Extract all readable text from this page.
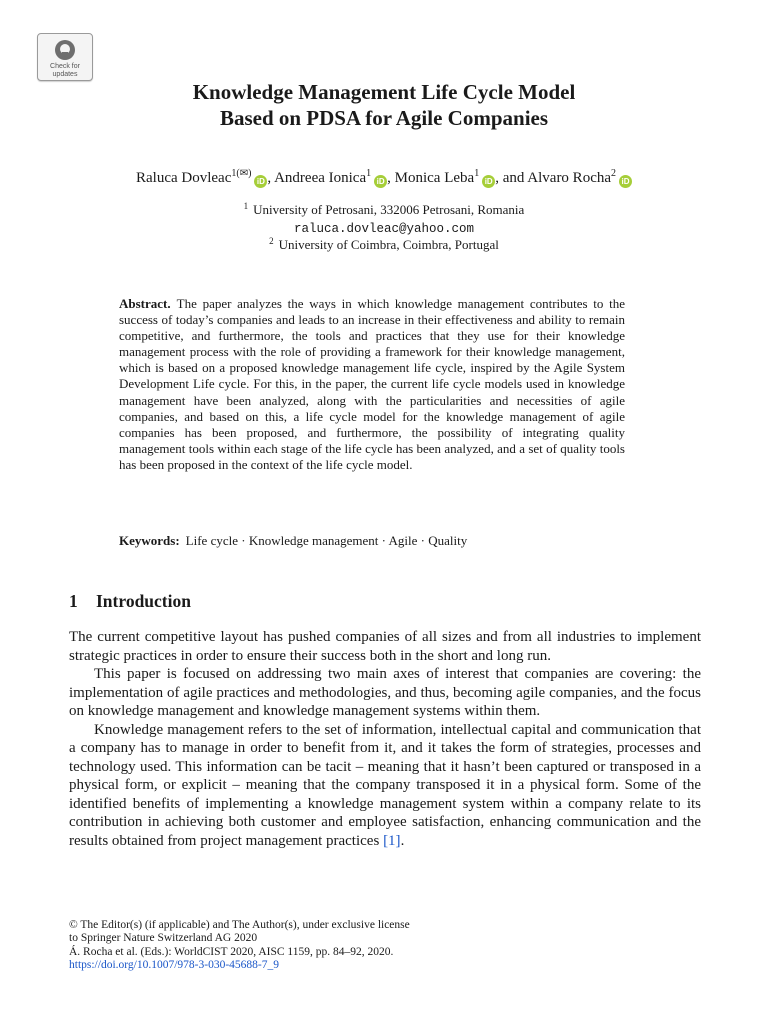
Check for
updates
Knowledge Management Life Cycle Model
Based on PDSA for Agile Companies
Raluca Dovleac$^{1(✉)}$iD , Andreea Ionica$^1$iD , Monica Leba$^1$iD , and Alvaro Rocha$^2$iD
$^1$ University of Petrosani, 332006 Petrosani, Romania
raluca.dovleac@yahoo.com
$^2$ University of Coimbra, Coimbra, Portugal
Abstract. The paper analyzes the ways in which knowledge management contributes to the success of today’s companies and leads to an increase in their effectiveness and ability to remain competitive, and furthermore, the tools and practices that they use for their knowledge management process with the role of providing a framework for their knowledge management, which is based on a proposed knowledge management life cycle, inspired by the Agile System Development Life cycle. For this, in the paper, the current life cycle models used in knowledge management have been analyzed, along with the particularities and necessities of agile companies, and based on this, a life cycle model for the knowledge management of agile companies has been proposed, and furthermore, the possibility of integrating quality management tools within each stage of the life cycle has been analyzed, and a set of quality tools has been proposed in the context of the life cycle model.
Keywords: Life cycle · Knowledge management · Agile · Quality
1 Introduction

The current competitive layout has pushed companies of all sizes and from all industries to implement strategic practices in order to ensure their success both in the short and long run.

This paper is focused on addressing two main axes of interest that companies are covering: the implementation of agile practices and methodologies, and thus, becoming agile companies, and the focus on knowledge management and knowledge management systems within them.

Knowledge management refers to the set of information, intellectual capital and communication that a company has to manage in order to benefit from it, and it takes the form of strategies, processes and technology used. This information can be tacit – meaning that it hasn’t been captured or transposed in a physical form, or explicit – meaning that the company transposed it in a physical form. Some of the identified benefits of implementing a knowledge management system within a company relate to its contribution in achieving both customer and employee satisfaction, enhancing communication and the results obtained from project management practices [1].

© The Editor(s) (if applicable) and The Author(s), under exclusive license
to Springer Nature Switzerland AG 2020
Á. Rocha et al. (Eds.): WorldCIST 2020, AISC 1159, pp. 84–92, 2020.
https://doi.org/10.1007/978-3-030-45688-7_9
